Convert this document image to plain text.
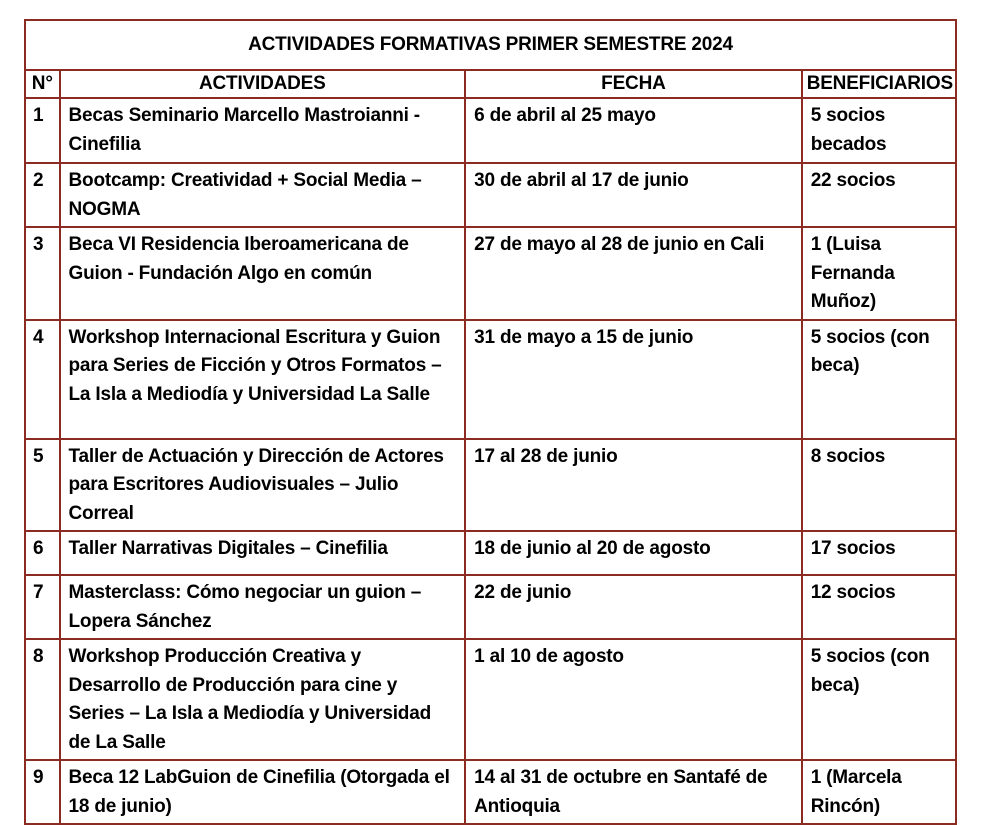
ACTIVIDADES FORMATIVAS PRIMER SEMESTRE 2024			
N°	ACTIVIDADES	FECHA	BENEFICIARIOS
1	Becas Seminario Marcello Mastroianni - Cinefilia	6 de abril al 25 mayo	5 socios becados
2	Bootcamp: Creatividad + Social Media – NOGMA	30 de abril al 17 de junio	22 socios
3	Beca VI Residencia Iberoamericana de Guion - Fundación Algo en común	27 de mayo al 28 de junio en Cali	1 (Luisa Fernanda Muñoz)
4	Workshop Internacional Escritura y Guion para Series de Ficción y Otros Formatos – La Isla a Mediodía y Universidad La Salle	31 de mayo a 15 de junio	5 socios (con beca)
5	Taller de Actuación y Dirección de Actores para Escritores Audiovisuales – Julio Correal	17 al 28 de junio	8 socios
6	Taller Narrativas Digitales – Cinefilia	18 de junio al 20 de agosto	17 socios
7	Masterclass: Cómo negociar un guion – Lopera Sánchez	22 de junio	12 socios
8	Workshop Producción Creativa y Desarrollo de Producción para cine y Series – La Isla a Mediodía y Universidad de La Salle	1 al 10 de agosto	5 socios (con beca)
9	Beca 12 LabGuion de Cinefilia (Otorgada el 18 de junio)	14 al 31 de octubre en Santafé de Antioquia	1 (Marcela Rincón)
